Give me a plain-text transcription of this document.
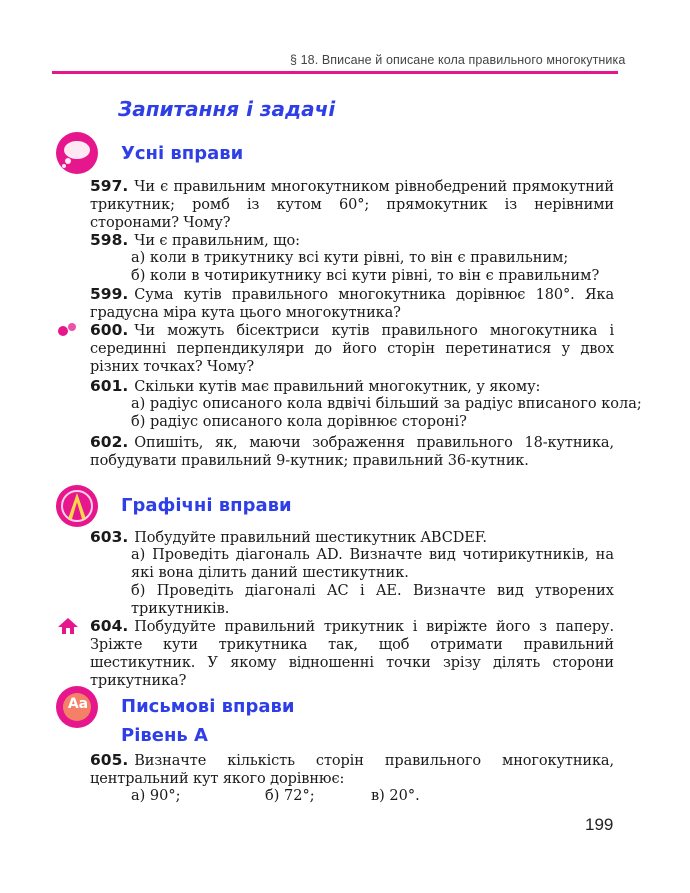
§ 18. Вписане й описане кола правильного многокутника
Запитання і задачі
Усні вправи
597. Чи є правильним многокутником рівнобедрений прямокутний трикутник; ромб із кутом 60°; прямокутник із нерівними сторонами? Чому?
598. Чи є правильним, що:
а) коли в трикутнику всі кути рівні, то він є правильним;
б) коли в чотирикутнику всі кути рівні, то він є правильним?
599. Сума кутів правильного многокутника дорівнює 180°. Яка градусна міра кута цього многокутника?
600. Чи можуть бісектриси кутів правильного многокутника і серединні перпендикуляри до його сторін перетинатися у двох різних точках? Чому?
601. Скільки кутів має правильний многокутник, у якому:
а) радіус описаного кола вдвічі більший за радіус вписаного кола;
б) радіус описаного кола дорівнює стороні?
602. Опишіть, як, маючи зображення правильного 18-кутника, побудувати правильний 9-кутник; правильний 36-кутник.
Графічні вправи
603. Побудуйте правильний шестикутник ABCDEF.
а) Проведіть діагональ AD. Визначте вид чотирикутників, на які вона ділить даний шестикутник.
б) Проведіть діагоналі AC і AE. Визначте вид утворених трикутників.
604. Побудуйте правильний трикутник і виріжте його з паперу. Зріжте кути трикутника так, щоб отримати правильний шестикутник. У якому відношенні точки зрізу ділять сторони трикутника?
Aa	Письмові вправи
Рівень А
605. Визначте кількість сторін правильного многокутника, центральний кут якого дорівнює:
а) 90°;	б) 72°;	в) 20°.
199
